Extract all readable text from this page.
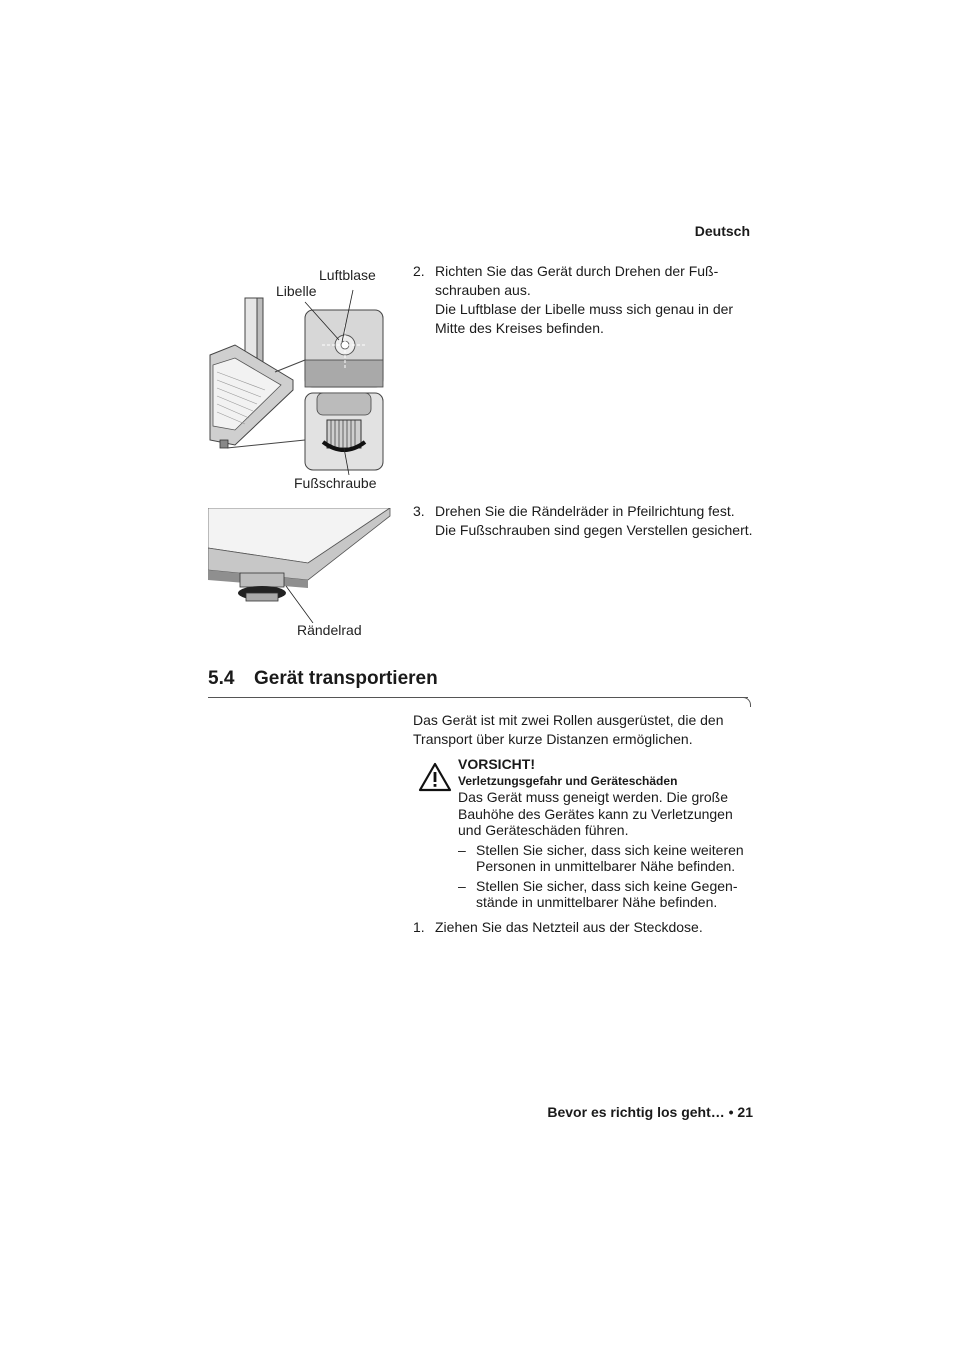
Deutsch
Luftblase
Libelle
Fußschraube
2. Richten Sie das Gerät durch Drehen der Fuß-
schrauben aus.
Die Luftblase der Libelle muss sich genau in der
Mitte des Kreises befinden.
Rändelrad
3. Drehen Sie die Rändelräder in Pfeilrichtung fest.
Die Fußschrauben sind gegen Verstellen gesichert.
5.4 Gerät transportieren
Das Gerät ist mit zwei Rollen ausgerüstet, die den
Transport über kurze Distanzen ermöglichen.
VORSICHT!
Verletzungsgefahr und Geräteschäden
Das Gerät muss geneigt werden. Die große
Bauhöhe des Gerätes kann zu Verletzungen
und Geräteschäden führen.
– Stellen Sie sicher, dass sich keine weiteren
Personen in unmittelbarer Nähe befinden.
– Stellen Sie sicher, dass sich keine Gegen-
stände in unmittelbarer Nähe befinden.
1. Ziehen Sie das Netzteil aus der Steckdose.
Bevor es richtig los geht… • 21
